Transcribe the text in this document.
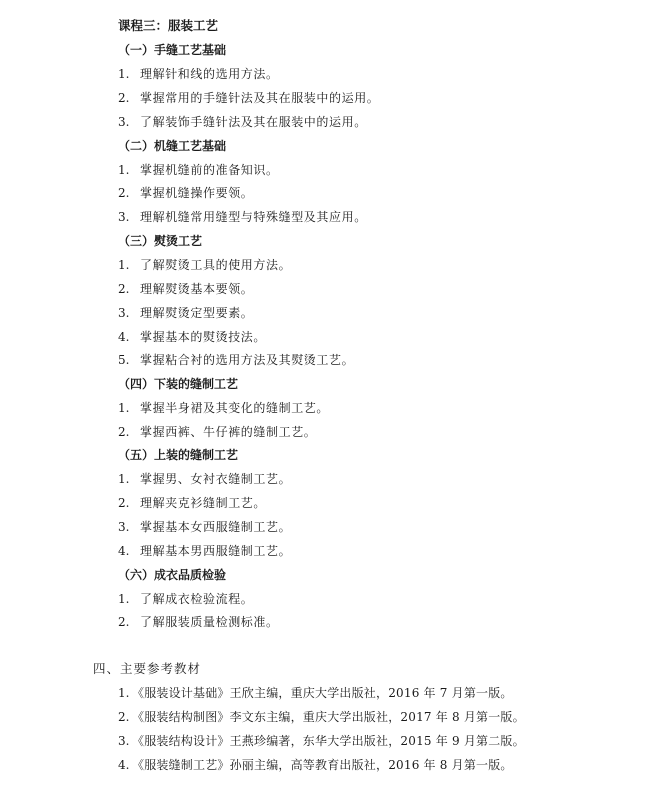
课程三：服装工艺
（一）手缝工艺基础
1. 理解针和线的选用方法。
2. 掌握常用的手缝针法及其在服装中的运用。
3. 了解装饰手缝针法及其在服装中的运用。
（二）机缝工艺基础
1. 掌握机缝前的准备知识。
2. 掌握机缝操作要领。
3. 理解机缝常用缝型与特殊缝型及其应用。
（三）熨烫工艺
1. 了解熨烫工具的使用方法。
2. 理解熨烫基本要领。
3. 理解熨烫定型要素。
4. 掌握基本的熨烫技法。
5. 掌握粘合衬的选用方法及其熨烫工艺。
（四）下装的缝制工艺
1. 掌握半身裙及其变化的缝制工艺。
2. 掌握西裤、牛仔裤的缝制工艺。
（五）上装的缝制工艺
1. 掌握男、女衬衣缝制工艺。
2. 理解夹克衫缝制工艺。
3. 掌握基本女西服缝制工艺。
4. 理解基本男西服缝制工艺。
（六）成衣品质检验
1. 了解成衣检验流程。
2. 了解服装质量检测标准。
四、主要参考教材
1. 《服装设计基础》王欣主编，重庆大学出版社，2016 年 7 月第一版。
2. 《服装结构制图》李文东主编，重庆大学出版社，2017 年 8 月第一版。
3. 《服装结构设计》王燕珍编著，东华大学出版社，2015 年 9 月第二版。
4. 《服装缝制工艺》孙丽主编，高等教育出版社，2016 年 8 月第一版。
